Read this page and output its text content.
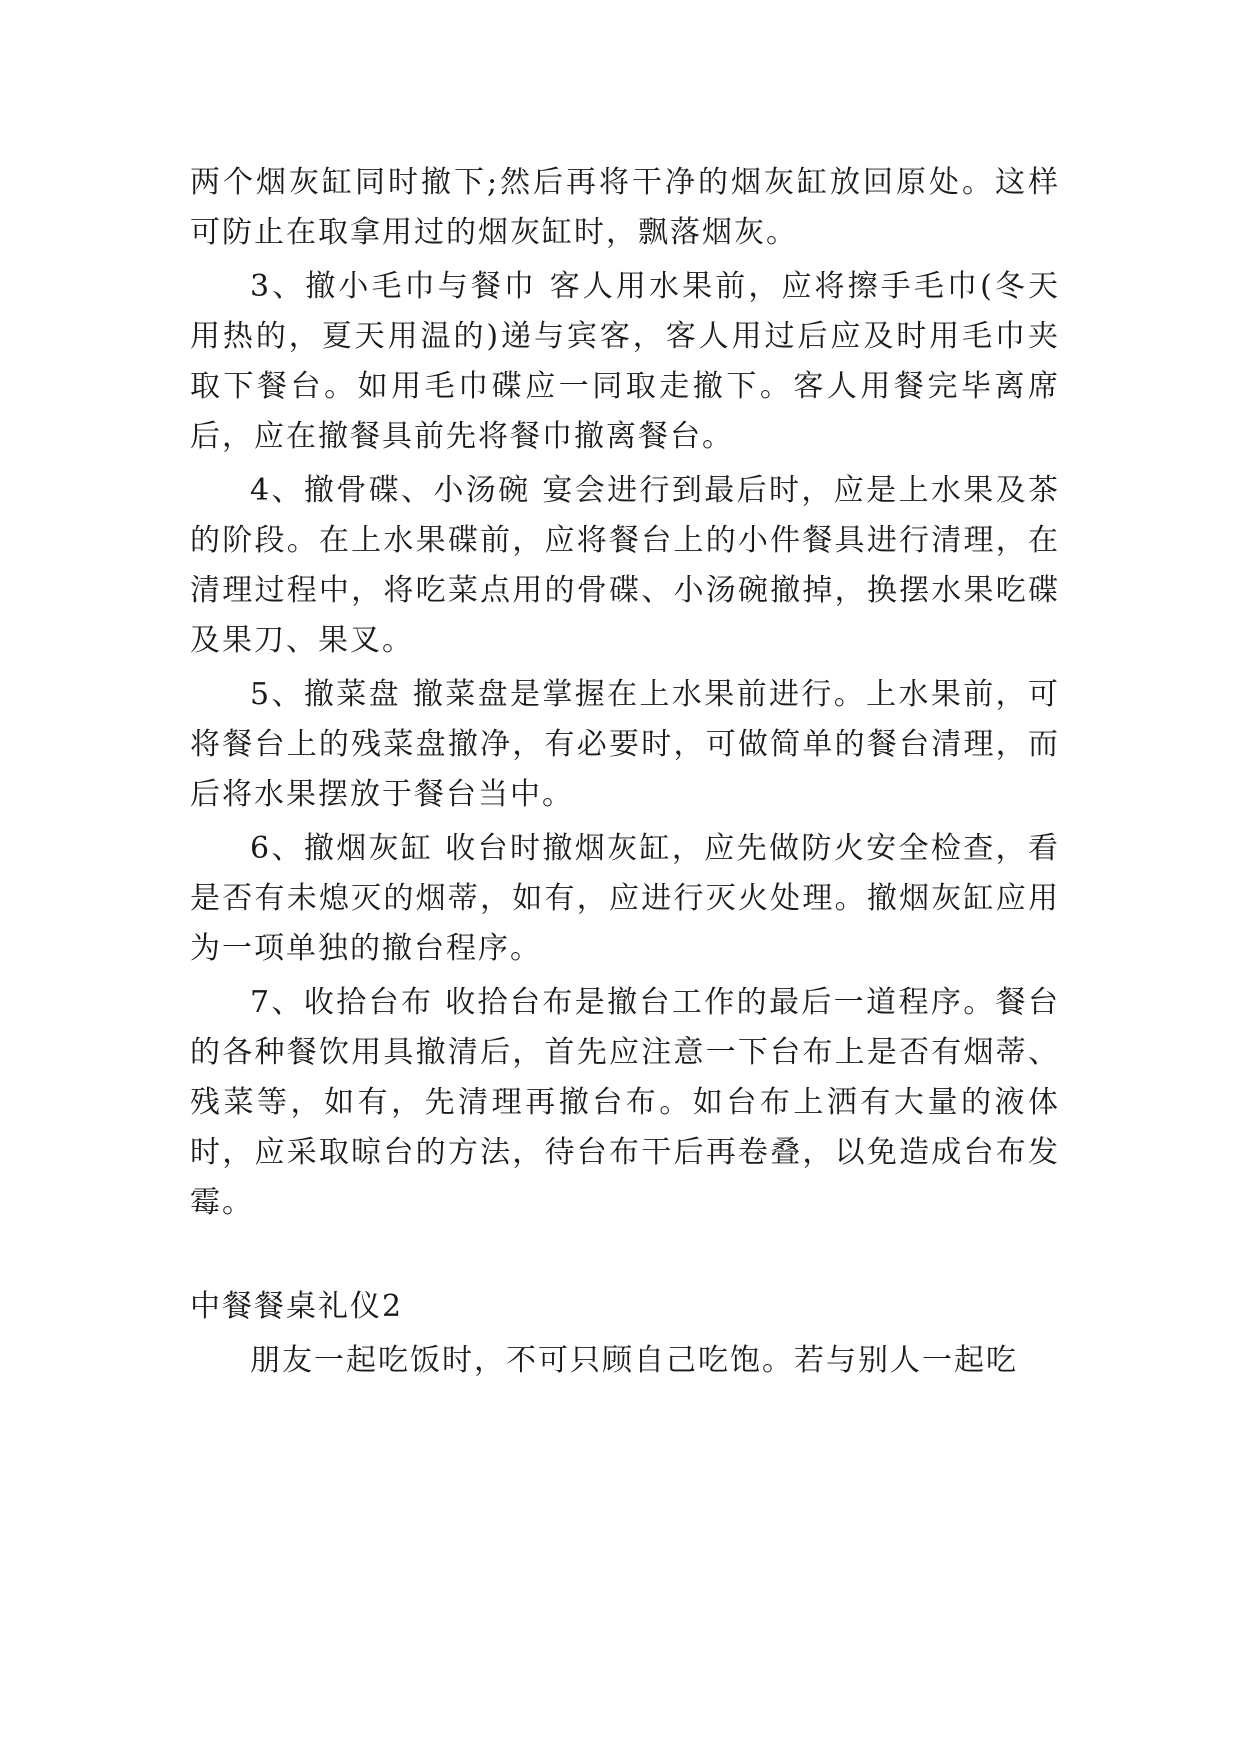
两个烟灰缸同时撤下;然后再将干净的烟灰缸放回原处。这样可防止在取拿用过的烟灰缸时，飘落烟灰。

3、撤小毛巾与餐巾 客人用水果前，应将擦手毛巾(冬天用热的，夏天用温的)递与宾客，客人用过后应及时用毛巾夹取下餐台。如用毛巾碟应一同取走撤下。客人用餐完毕离席后，应在撤餐具前先将餐巾撤离餐台。

4、撤骨碟、小汤碗 宴会进行到最后时，应是上水果及茶的阶段。在上水果碟前，应将餐台上的小件餐具进行清理，在清理过程中，将吃菜点用的骨碟、小汤碗撤掉，换摆水果吃碟及果刀、果叉。

5、撤菜盘 撤菜盘是掌握在上水果前进行。上水果前，可将餐台上的残菜盘撤净，有必要时，可做简单的餐台清理，而后将水果摆放于餐台当中。

6、撤烟灰缸 收台时撤烟灰缸，应先做防火安全检查，看是否有未熄灭的烟蒂，如有，应进行灭火处理。撤烟灰缸应用为一项单独的撤台程序。

7、收拾台布 收拾台布是撤台工作的最后一道程序。餐台的各种餐饮用具撤清后，首先应注意一下台布上是否有烟蒂、残菜等，如有，先清理再撤台布。如台布上洒有大量的液体时，应采取晾台的方法，待台布干后再卷叠，以免造成台布发霉。

中餐餐桌礼仪2

朋友一起吃饭时，不可只顾自己吃饱。若与别人一起吃
